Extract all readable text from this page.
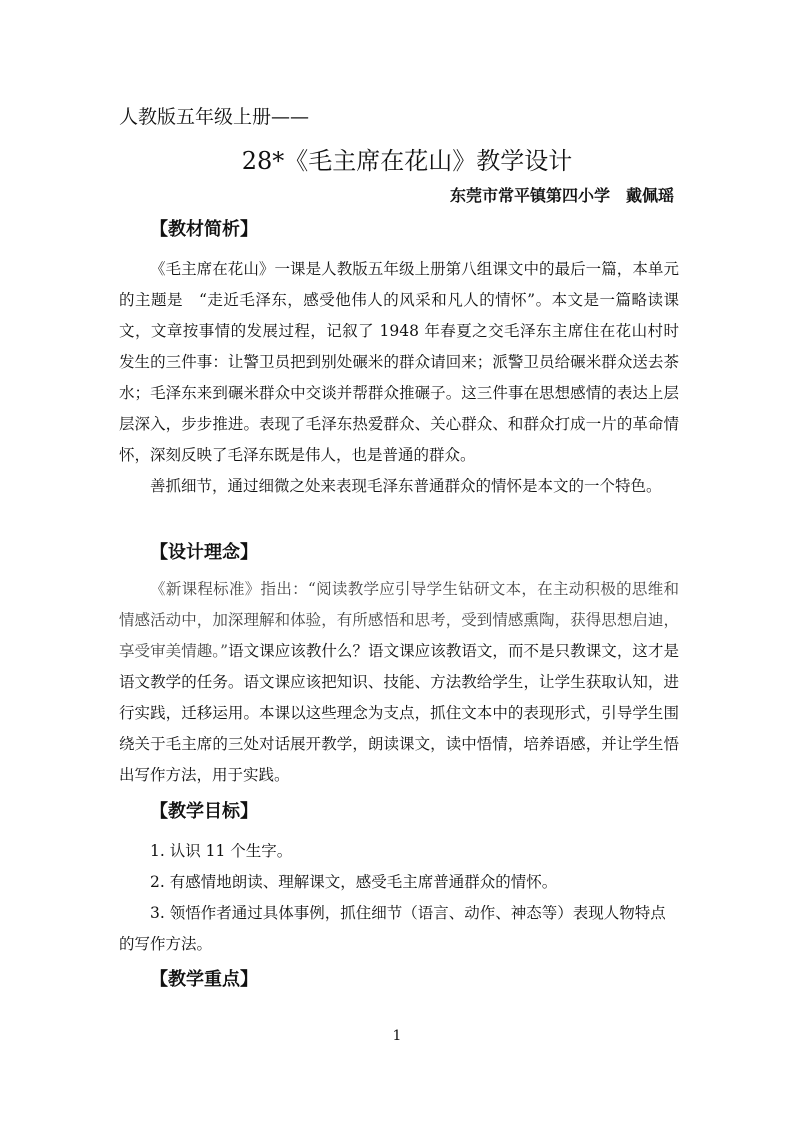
人教版五年级上册——
28*《毛主席在花山》教学设计
东莞市常平镇第四小学　戴佩瑶
【教材简析】

《毛主席在花山》一课是人教版五年级上册第八组课文中的最后一篇，本单元的主题是　“走近毛泽东，感受他伟人的风采和凡人的情怀”。本文是一篇略读课文，文章按事情的发展过程，记叙了 1948 年春夏之交毛泽东主席住在花山村时发生的三件事：让警卫员把到别处碾米的群众请回来；派警卫员给碾米群众送去茶水；毛泽东来到碾米群众中交谈并帮群众推碾子。这三件事在思想感情的表达上层层深入，步步推进。表现了毛泽东热爱群众、关心群众、和群众打成一片的革命情怀，深刻反映了毛泽东既是伟人，也是普通的群众。

善抓细节，通过细微之处来表现毛泽东普通群众的情怀是本文的一个特色。

【设计理念】

《新课程标准》指出：“阅读教学应引导学生钻研文本，在主动积极的思维和情感活动中，加深理解和体验，有所感悟和思考，受到情感熏陶，获得思想启迪，享受审美情趣。”语文课应该教什么？语文课应该教语文，而不是只教课文，这才是语文教学的任务。语文课应该把知识、技能、方法教给学生，让学生获取认知，进行实践，迁移运用。本课以这些理念为支点，抓住文本中的表现形式，引导学生围绕关于毛主席的三处对话展开教学，朗读课文，读中悟情，培养语感，并让学生悟出写作方法，用于实践。

【教学目标】

1. 认识 11 个生字。

2. 有感情地朗读、理解课文，感受毛主席普通群众的情怀。

3. 领悟作者通过具体事例，抓住细节（语言、动作、神态等）表现人物特点的写作方法。

【教学重点】
1
